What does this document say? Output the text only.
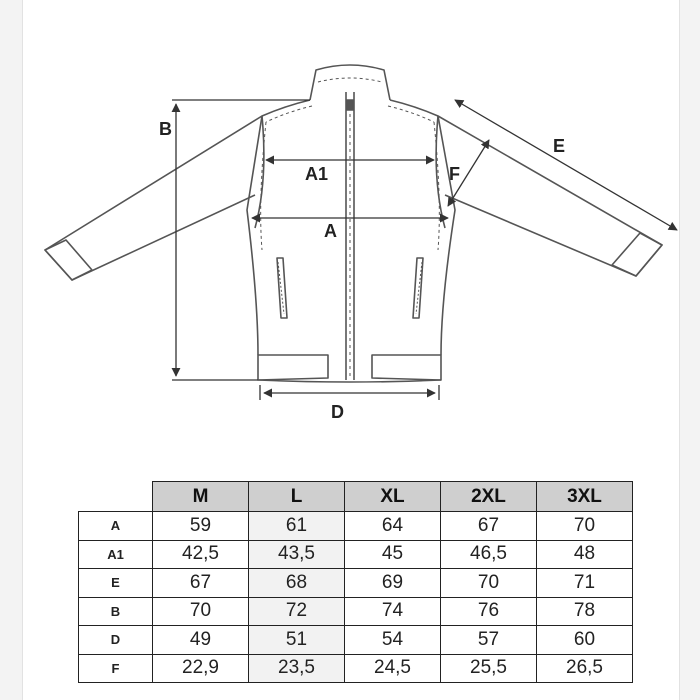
B
A1
A
D
E
F
	M	L	XL	2XL	3XL
A	59	61	64	67	70
A1	42,5	43,5	45	46,5	48
E	67	68	69	70	71
B	70	72	74	76	78
D	49	51	54	57	60
F	22,9	23,5	24,5	25,5	26,5
